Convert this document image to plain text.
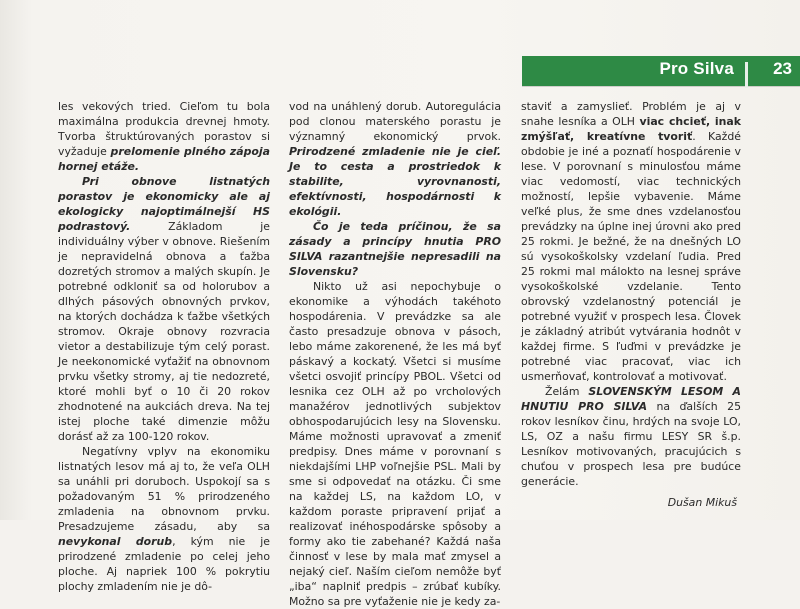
Pro Silva 23

les vekových tried. Cieľom tu bola maximálna produkcia drevnej hmoty. Tvorba štruktúrovaných porastov si vyžaduje prelomenie plného zápoja hornej etáže.

Pri obnove listnatých porastov je ekonomicky ale aj ekologicky najoptimálnejší HS podrastový. Základom je individuálny výber v obnove. Riešením je nepravidelná obnova a ťažba dozretých stromov a malých skupín. Je potrebné odkloniť sa od holorubov a dlhých pásových obnovných prvkov, na ktorých dochádza k ťažbe všetkých stromov. Okraje obnovy rozvracia vietor a destabilizuje tým celý porast. Je neekonomické vyťažiť na obnovnom prvku všetky stromy, aj tie nedozreté, ktoré mohli byť o 10 či 20 rokov zhodnotené na aukciách dreva. Na tej istej ploche také dimenzie môžu dorásť až za 100-120 rokov.

Negatívny vplyv na ekonomiku listnatých lesov má aj to, že veľa OLH sa unáhli pri doruboch. Uspokojí sa s požadovaným 51 % prirodzeného zmladenia na obnovnom prvku. Presadzujeme zásadu, aby sa nevykonal dorub, kým nie je prirodzené zmladenie po celej jeho ploche. Aj napriek 100 % pokrytiu plochy zmladením nie je dô-

vod na unáhlený dorub. Autoregulácia pod clonou materského porastu je významný ekonomický prvok. Prirodzené zmladenie nie je cieľ. Je to cesta a prostriedok k stabilite, vyrovnanosti, efektívnosti, hospodárnosti k ekológii.

Čo je teda príčinou, že sa zásady a princípy hnutia PRO SILVA razantnejšie nepresadili na Slovensku?

Nikto už asi nepochybuje o ekonomike a výhodách takéhoto hospodárenia. V prevádzke sa ale často presadzuje obnova v pásoch, lebo máme zakorenené, že les má byť páskavý a kockatý. Všetci si musíme všetci osvojiť princípy PBOL. Všetci od lesnika cez OLH až po vrcholových manažérov jednotlivých subjektov obhospodarujúcich lesy na Slovensku. Máme možnosti upravovať a zmeniť predpisy. Dnes máme v porovnaní s niekdajšími LHP voľnejšie PSL. Mali by sme si odpovedať na otázku. Či sme na každej LS, na každom LO, v každom poraste pripravení prijať a realizovať inéhospodárske spôsoby a formy ako tie zabehané? Každá naša činnosť v lese by mala mať zmysel a nejaký cieľ. Naším cieľom nemôže byť „iba“ naplniť predpis – zrúbať kubíky. Možno sa pre vyťaženie nie je kedy za-

staviť a zamyslieť. Problém je aj v snahe lesníka a OLH viac chcieť, inak zmýšľať, kreatívne tvoriť. Každé obdobie je iné a poznaťí hospodárenie v lese. V porovnaní s minulosťou máme viac vedomostí, viac technických možností, lepšie vybavenie. Máme veľké plus, že sme dnes vzdelanosťou prevádzky na úplne inej úrovni ako pred 25 rokmi. Je bežné, že na dnešných LO sú vysokoškolsky vzdelaní ľudia. Pred 25 rokmi mal málokto na lesnej správe vysokoškolské vzdelanie. Tento obrovský vzdelanostný potenciál je potrebné využiť v prospech lesa. Človek je základný atribút vytvárania hodnôt v každej firme. S ľuďmi v prevádzke je potrebné viac pracovať, viac ich usmerňovať, kontrolovať a motivovať.

Želám SLOVENSKÝM LESOM A HNUTIU PRO SILVA na ďalších 25 rokov lesníkov činu, hrdých na svoje LO, LS, OZ a našu firmu LESY SR š.p. Lesníkov motivovaných, pracujúcich s chuťou v prospech lesa pre budúce generácie.

Dušan Mikuš
